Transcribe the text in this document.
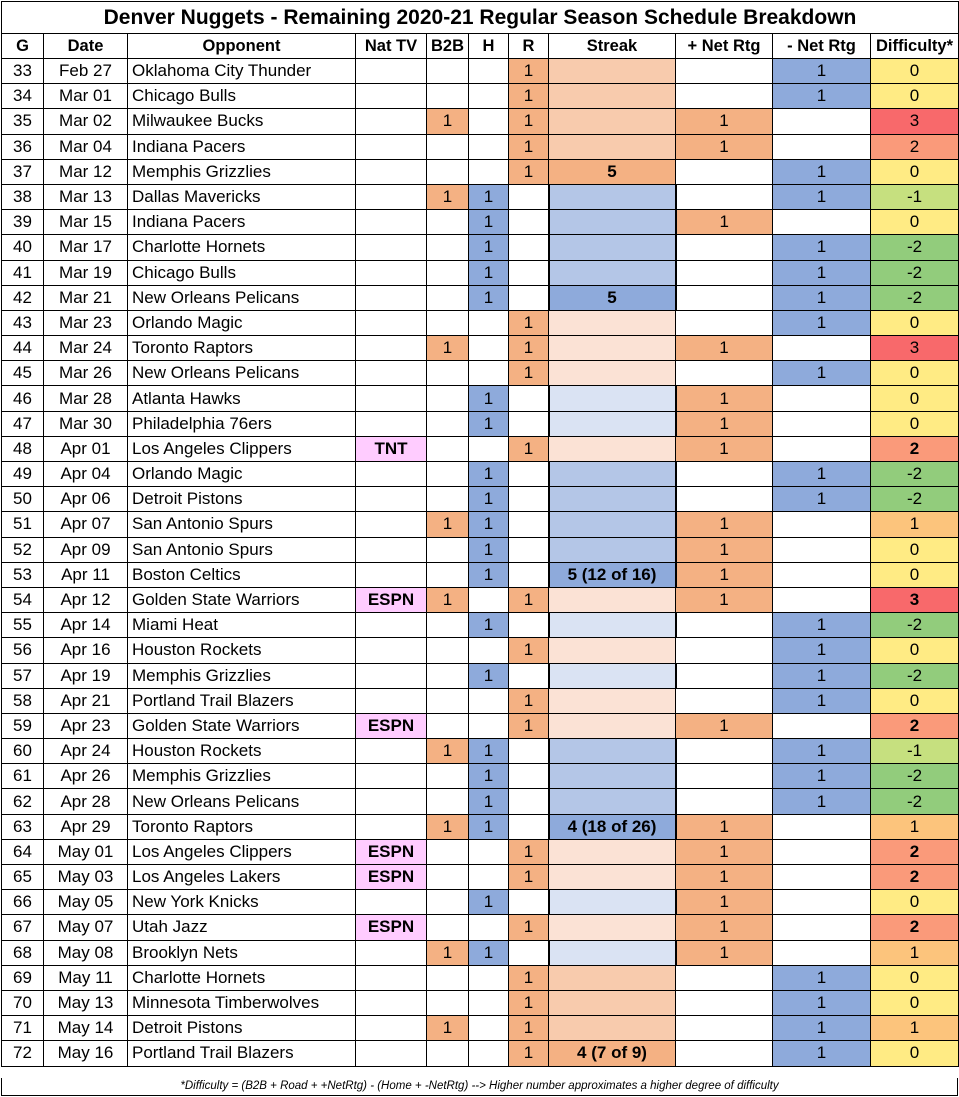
Denver Nuggets - Remaining 2020-21 Regular Season Schedule Breakdown
G	Date	Opponent	Nat TV	B2B	H	R	Streak	+ Net Rtg	- Net Rtg	Difficulty*
33	Feb 27	Oklahoma City Thunder				1			1	0
34	Mar 01	Chicago Bulls				1			1	0
35	Mar 02	Milwaukee Bucks		1		1		1		3
36	Mar 04	Indiana Pacers				1		1		2
37	Mar 12	Memphis Grizzlies				1	5		1	0
38	Mar 13	Dallas Mavericks		1	1				1	-1
39	Mar 15	Indiana Pacers			1			1		0
40	Mar 17	Charlotte Hornets			1				1	-2
41	Mar 19	Chicago Bulls			1				1	-2
42	Mar 21	New Orleans Pelicans			1		5		1	-2
43	Mar 23	Orlando Magic				1			1	0
44	Mar 24	Toronto Raptors		1		1		1		3
45	Mar 26	New Orleans Pelicans				1			1	0
46	Mar 28	Atlanta Hawks			1			1		0
47	Mar 30	Philadelphia 76ers			1			1		0
48	Apr 01	Los Angeles Clippers	TNT			1		1		2
49	Apr 04	Orlando Magic			1				1	-2
50	Apr 06	Detroit Pistons			1				1	-2
51	Apr 07	San Antonio Spurs		1	1			1		1
52	Apr 09	San Antonio Spurs			1			1		0
53	Apr 11	Boston Celtics			1		5 (12 of 16)	1		0
54	Apr 12	Golden State Warriors	ESPN	1		1		1		3
55	Apr 14	Miami Heat			1				1	-2
56	Apr 16	Houston Rockets				1			1	0
57	Apr 19	Memphis Grizzlies			1				1	-2
58	Apr 21	Portland Trail Blazers				1			1	0
59	Apr 23	Golden State Warriors	ESPN			1		1		2
60	Apr 24	Houston Rockets		1	1				1	-1
61	Apr 26	Memphis Grizzlies			1				1	-2
62	Apr 28	New Orleans Pelicans			1				1	-2
63	Apr 29	Toronto Raptors		1	1		4 (18 of 26)	1		1
64	May 01	Los Angeles Clippers	ESPN			1		1		2
65	May 03	Los Angeles Lakers	ESPN			1		1		2
66	May 05	New York Knicks			1			1		0
67	May 07	Utah Jazz	ESPN			1		1		2
68	May 08	Brooklyn Nets		1	1			1		1
69	May 11	Charlotte Hornets				1			1	0
70	May 13	Minnesota Timberwolves				1			1	0
71	May 14	Detroit Pistons		1		1			1	1
72	May 16	Portland Trail Blazers				1	4 (7 of 9)		1	0
*Difficulty = (B2B + Road + +NetRtg) - (Home + -NetRtg) --> Higher number approximates a higher degree of difficulty
